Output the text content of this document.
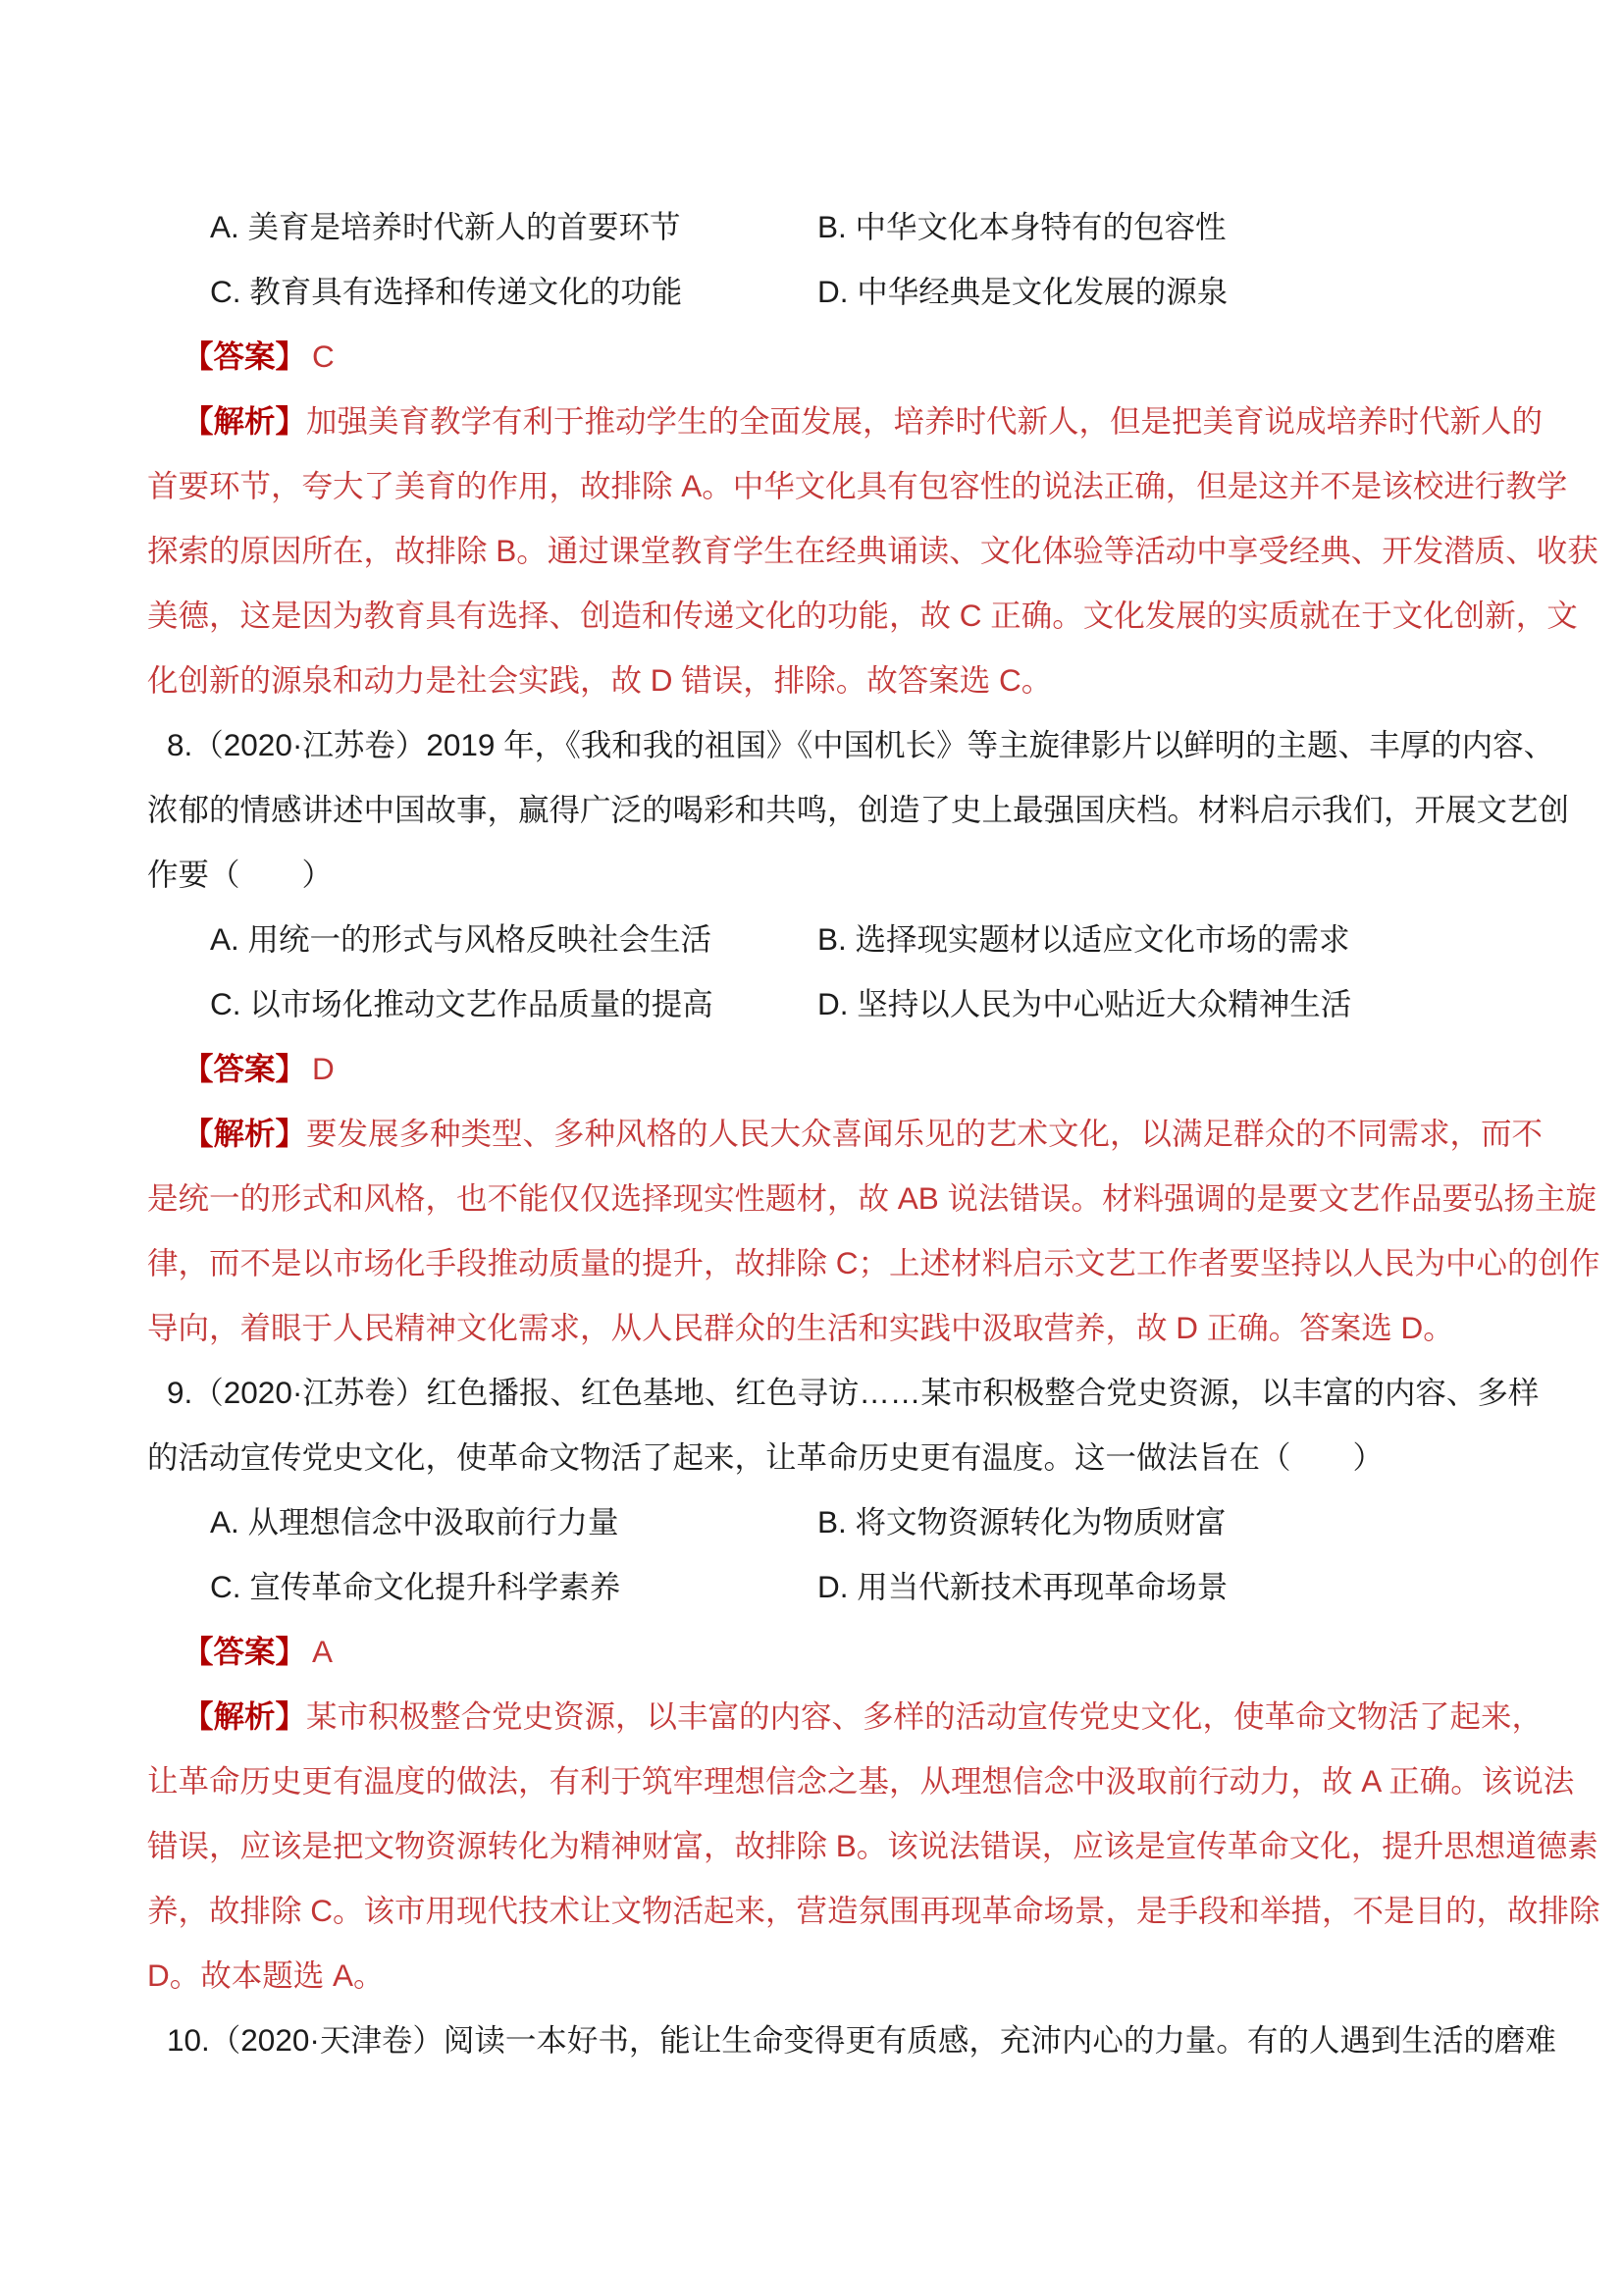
A. 美育是培养时代新人的首要环节	B. 中华文化本身特有的包容性
C. 教育具有选择和传递文化的功能	D. 中华经典是文化发展的源泉
【答案】 C
【解析】加强美育教学有利于推动学生的全面发展，培养时代新人，但是把美育说成培养时代新人的
首要环节，夸大了美育的作用，故排除 A。中华文化具有包容性的说法正确，但是这并不是该校进行教学
探索的原因所在，故排除 B。通过课堂教育学生在经典诵读、文化体验等活动中享受经典、开发潜质、收获
美德，这是因为教育具有选择、创造和传递文化的功能，故 C 正确。文化发展的实质就在于文化创新，文
化创新的源泉和动力是社会实践，故 D 错误，排除。故答案选 C。
8.（2020·江苏卷）2019 年，《我和我的祖国》《中国机长》等主旋律影片以鲜明的主题、丰厚的内容、
浓郁的情感讲述中国故事，赢得广泛的喝彩和共鸣，创造了史上最强国庆档。材料启示我们，开展文艺创
作要（　　）
A. 用统一的形式与风格反映社会生活	B. 选择现实题材以适应文化市场的需求
C. 以市场化推动文艺作品质量的提高	D. 坚持以人民为中心贴近大众精神生活
【答案】 D
【解析】要发展多种类型、多种风格的人民大众喜闻乐见的艺术文化，以满足群众的不同需求，而不
是统一的形式和风格，也不能仅仅选择现实性题材，故 AB 说法错误。材料强调的是要文艺作品要弘扬主旋
律，而不是以市场化手段推动质量的提升，故排除 C；上述材料启示文艺工作者要坚持以人民为中心的创作
导向，着眼于人民精神文化需求，从人民群众的生活和实践中汲取营养，故 D 正确。答案选 D。
9.（2020·江苏卷）红色播报、红色基地、红色寻访……某市积极整合党史资源，以丰富的内容、多样
的活动宣传党史文化，使革命文物活了起来，让革命历史更有温度。这一做法旨在（　　）
A. 从理想信念中汲取前行力量	B. 将文物资源转化为物质财富
C. 宣传革命文化提升科学素养	D. 用当代新技术再现革命场景
【答案】 A
【解析】某市积极整合党史资源，以丰富的内容、多样的活动宣传党史文化，使革命文物活了起来，
让革命历史更有温度的做法，有利于筑牢理想信念之基，从理想信念中汲取前行动力，故 A 正确。该说法
错误，应该是把文物资源转化为精神财富，故排除 B。该说法错误，应该是宣传革命文化，提升思想道德素
养，故排除 C。该市用现代技术让文物活起来，营造氛围再现革命场景，是手段和举措，不是目的，故排除
D。故本题选 A。
10.（2020·天津卷）阅读一本好书，能让生命变得更有质感，充沛内心的力量。有的人遇到生活的磨难
